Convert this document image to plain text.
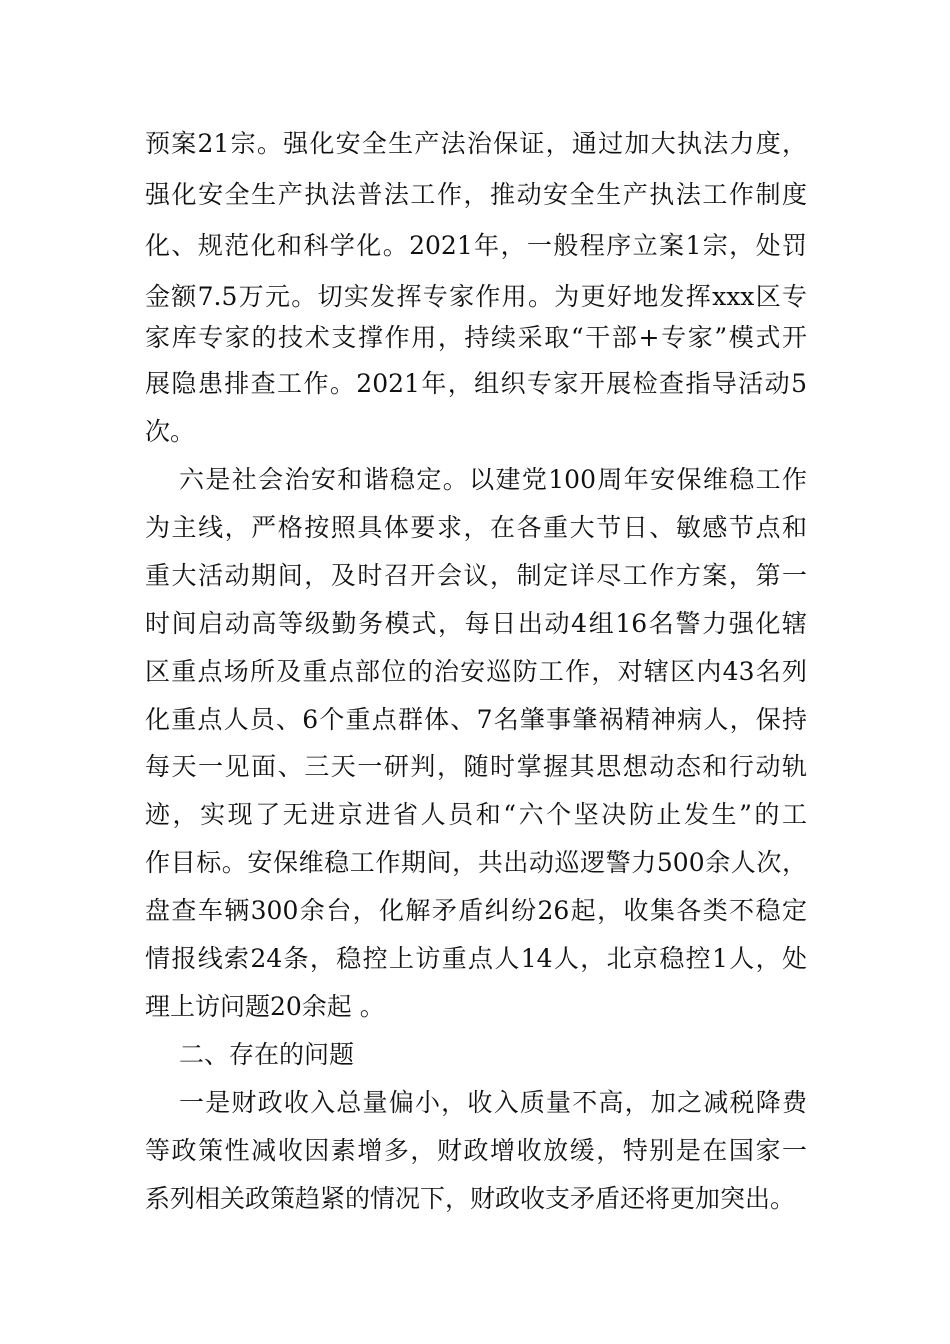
预案21宗。强化安全生产法治保证，通过加大执法力度，
强化安全生产执法普法工作，推动安全生产执法工作制度
化、规范化和科学化。2021年，一般程序立案1宗，处罚
金额7.5万元。切实发挥专家作用。为更好地发挥xxx区专
家库专家的技术支撑作用，持续采取“干部+专家”模式开
展隐患排查工作。2021年，组织专家开展检查指导活动5
次。
六是社会治安和谐稳定。以建党100周年安保维稳工作
为主线，严格按照具体要求，在各重大节日、敏感节点和
重大活动期间，及时召开会议，制定详尽工作方案，第一
时间启动高等级勤务模式，每日出动4组16名警力强化辖
区重点场所及重点部位的治安巡防工作，对辖区内43名列
化重点人员、6个重点群体、7名肇事肇祸精神病人，保持
每天一见面、三天一研判，随时掌握其思想动态和行动轨
迹，实现了无进京进省人员和“六个坚决防止发生”的工
作目标。安保维稳工作期间，共出动巡逻警力500余人次，
盘查车辆300余台，化解矛盾纠纷26起，收集各类不稳定
情报线索24条，稳控上访重点人14人，北京稳控1人，处
理上访问题20余起 。
二、存在的问题
一是财政收入总量偏小，收入质量不高，加之减税降费
等政策性减收因素增多，财政增收放缓，特别是在国家一
系列相关政策趋紧的情况下，财政收支矛盾还将更加突出。
